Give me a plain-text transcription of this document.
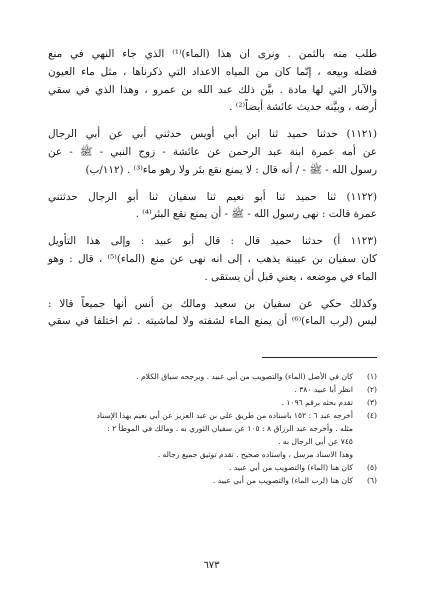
طلب منه بالثمن . ونرى ان هذا (الماء)⁽¹⁾ الذي جاء النهي في منع
فضله وبيعه ، إنّما كان من المياه الاعداد التي ذكرناها ، مثل ماء العيون
والآبار التي لها مادة . بيَّن ذلك عبد الله بن عمرو ، وهذا الذي في سقي
أرضه ، وبيَّنه حديث عائشة أيضاً⁽²⁾ .

(١١٢١) حدثنا حميد ثنا ابن أبي أويس حدثني أبي عن أبي الرجال
عن أمه عمرة ابنة عبد الرحمن عن عائشة - زوج النبي - ﷺ - عن
رسول الله - ﷺ - / أنه قال : لا يمنع نقع بئر ولا رهو ماء⁽³⁾ . (١١٢/ب)

(١١٢٢) ثنا حميد ثنا أبو نعيم ثنا سفيان ثنا أبو الرجال حدثتني
عمرة قالت : نهى رسول الله - ﷺ - أن يمنع نقع البئر⁽⁴⁾ .

(١١٢٣ أ) حدثنا حميد قال : قال أبو عبيد : وإلى هذا التأويل
كان سفيان بن عيينة يذهب ، إلى انه نهى عن منع (الماء)⁽⁵⁾ ، قال : وهو
الماء في موضعه ، يعني قبل أن يستقى .

وكذلك حكي عن سفيان بن سعيد ومالك بن أنس أنها جميعاً قالا :
ليس (لرب الماء)⁽⁶⁾ أن يمنع الماء لشفته ولا لماشيته . ثم اختلفا في سقي

(١)
كان في الأصل (الماء) والتصويب من أبي عبيد . ويرجحه سياق الكلام .
(٢)
انظر أبا عبيد ٣٨٠ .
(٣)
تقدم بحثه برقم ١٠٩٦ .
(٤)
أخرجه عبد ٦ : ١٥٢ باسناده من طريق علي بن عبد العزيز عن أبي نعيم بهذا الإسناد
مثله . وأخرجه عبد الرزاق ٨ : ١٠٥ عن سفيان الثوري به . ومالك في الموطأ ٢ :
٧٤٥ عن أبي الرجال به .
وهذا الاسناد مرسل ، واسناده صحيح . تقدم توثيق جميع رجاله .
(٥)
كان هنا (الماء) والتصويب من أبي عبيد .
(٦)
كان هنا (لرب الماء) والتصويب من أبي عبيد .
٦٧٣
